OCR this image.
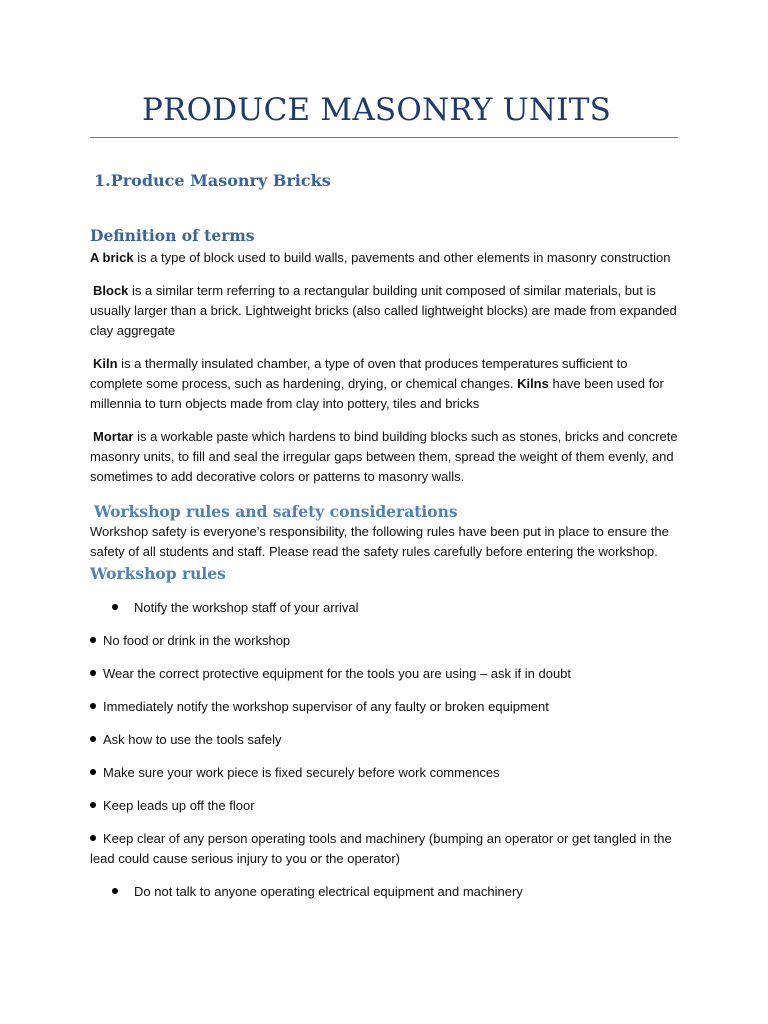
PRODUCE MASONRY UNITS
1.Produce Masonry Bricks
Definition of terms

A brick is a type of block used to build walls, pavements and other elements in masonry construction

Block is a similar term referring to a rectangular building unit composed of similar materials, but is usually larger than a brick. Lightweight bricks (also called lightweight blocks) are made from expanded clay aggregate

Kiln is a thermally insulated chamber, a type of oven that produces temperatures sufficient to complete some process, such as hardening, drying, or chemical changes. Kilns have been used for millennia to turn objects made from clay into pottery, tiles and bricks

Mortar is a workable paste which hardens to bind building blocks such as stones, bricks and concrete masonry units, to fill and seal the irregular gaps between them, spread the weight of them evenly, and sometimes to add decorative colors or patterns to masonry walls.

Workshop rules and safety considerations

Workshop safety is everyone’s responsibility, the following rules have been put in place to ensure the safety of all students and staff. Please read the safety rules carefully before entering the workshop.

Workshop rules
Notify the workshop staff of your arrival
No food or drink in the workshop
Wear the correct protective equipment for the tools you are using – ask if in doubt
Immediately notify the workshop supervisor of any faulty or broken equipment
Ask how to use the tools safely
Make sure your work piece is fixed securely before work commences
Keep leads up off the floor
Keep clear of any person operating tools and machinery (bumping an operator or get tangled in the lead could cause serious injury to you or the operator)
Do not talk to anyone operating electrical equipment and machinery
